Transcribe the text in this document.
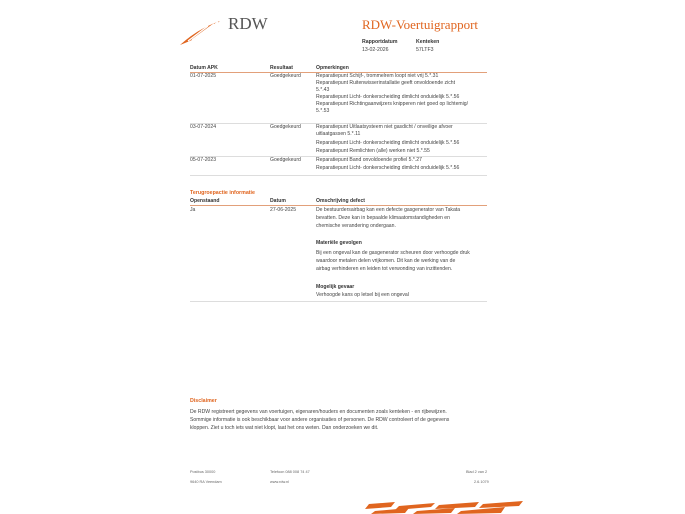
RDW	RDW-Voertuigrapport
Rapportdatum	Kenteken
13-02-2026	57LTF3
Datum APK	Resultaat	Opmerkingen
01-07-2025	Goedgekeurd	Reparatiepunt Schijf-, trommelrem loopt niet vrij 5.*.31
Reparatiepunt Ruitenwisserinstallatie geeft onvoldoende zicht
5.*.43
Reparatiepunt Licht- donkerscheiding dimlicht onduidelijk 5.*.56
Reparatiepunt Richtingaanwijzers knipperen niet goed op lichtemig/
5.*.53
03-07-2024	Goedgekeurd	Reparatiepunt Uitlaatsysteem niet gasdicht / onveilige afvoer
uitlaatgassen 5.*.11
Reparatiepunt Licht- donkerscheiding dimlicht onduidelijk 5.*.56
Reparatiepunt Remlichten (alle) werken niet 5.*.55
05-07-2023	Goedgekeurd	Reparatiepunt Band onvoldoende profiel 5.*.27
Reparatiepunt Licht- donkerscheiding dimlicht onduidelijk 5.*.56
Terugroepactie informatie
Openstaand	Datum	Omschrijving defect
Ja	27-06-2025	De bestuurdersairbag kan een defecte gasgenerator van Takata
bevatten. Deze kan in bepaalde klimaatomstandigheden en
chemische verandering ondergaan.
Materiële gevolgen
Bij een ongeval kan de gasgenerator scheuren door verhoogde druk
waardoor metalen delen vrijkomen. Dit kan de werking van de
airbag verhinderen en leiden tot verwonding van inzittenden.
Mogelijk gevaar
Verhoogde kans op letsel bij een ongeval
Disclaimer
De RDW registreert gegevens van voertuigen, eigenaren/houders en documenten zoals kenteken - en rijbewijzen.
Sommige informatie is ook beschikbaar voor andere organisaties of personen. De RDW controleert of de gegevens
kloppen. Ziet u toch iets wat niet klopt, laat het ons weten. Dan onderzoeken we dit.
Postbus 30000
9640 RA Veendam
Telefoon 088 008 74 47
www.rdw.nl
Blad 2 van 2
2.6.1079
